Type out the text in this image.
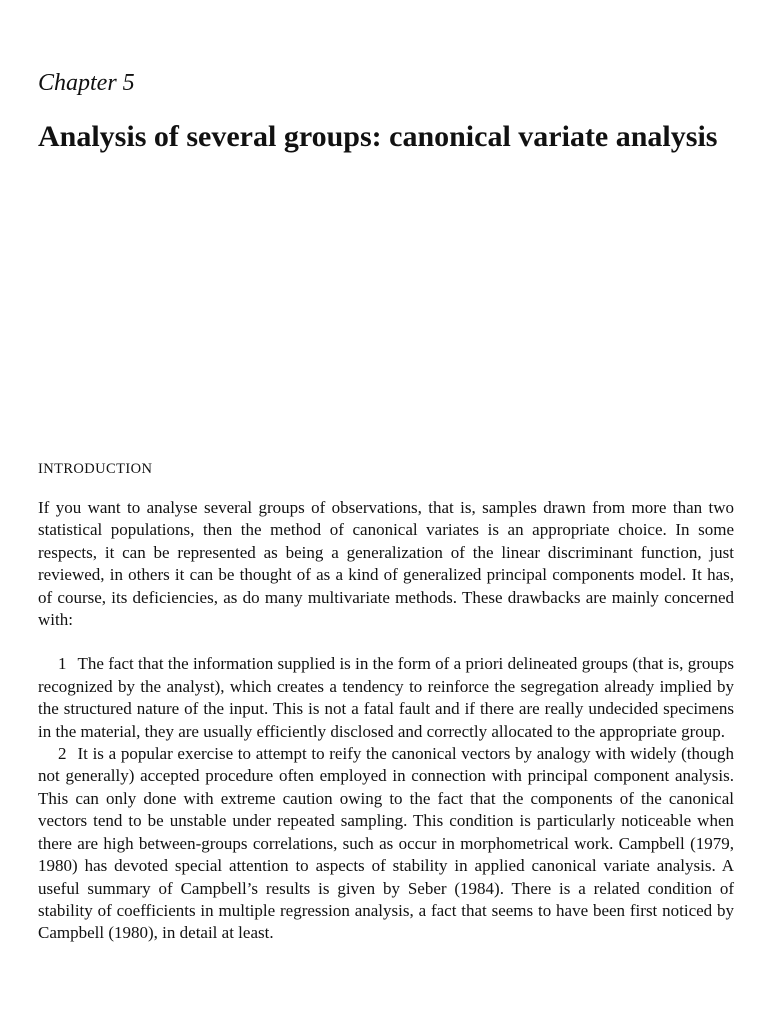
Chapter 5
Analysis of several groups: canonical variate analysis
INTRODUCTION

If you want to analyse several groups of observations, that is, samples drawn from more than two statistical populations, then the method of canonical variates is an appropriate choice. In some respects, it can be represented as being a generalization of the linear discriminant function, just reviewed, in others it can be thought of as a kind of generalized principal components model. It has, of course, its deficiencies, as do many multivariate methods. These drawbacks are mainly concerned with:

1 The fact that the information supplied is in the form of a priori delineated groups (that is, groups recognized by the analyst), which creates a tendency to reinforce the segregation already implied by the structured nature of the input. This is not a fatal fault and if there are really undecided specimens in the material, they are usually efficiently disclosed and correctly allocated to the appropriate group.

2 It is a popular exercise to attempt to reify the canonical vectors by analogy with widely (though not generally) accepted procedure often employed in connection with principal component analysis. This can only done with extreme caution owing to the fact that the components of the canonical vectors tend to be unstable under repeated sampling. This condition is particularly noticeable when there are high between-groups correlations, such as occur in morphometrical work. Campbell (1979, 1980) has devoted special attention to aspects of stability in applied canonical variate analysis. A useful summary of Campbell’s results is given by Seber (1984). There is a related condition of stability of coefficients in multiple regression analysis, a fact that seems to have been first noticed by Campbell (1980), in detail at least.
